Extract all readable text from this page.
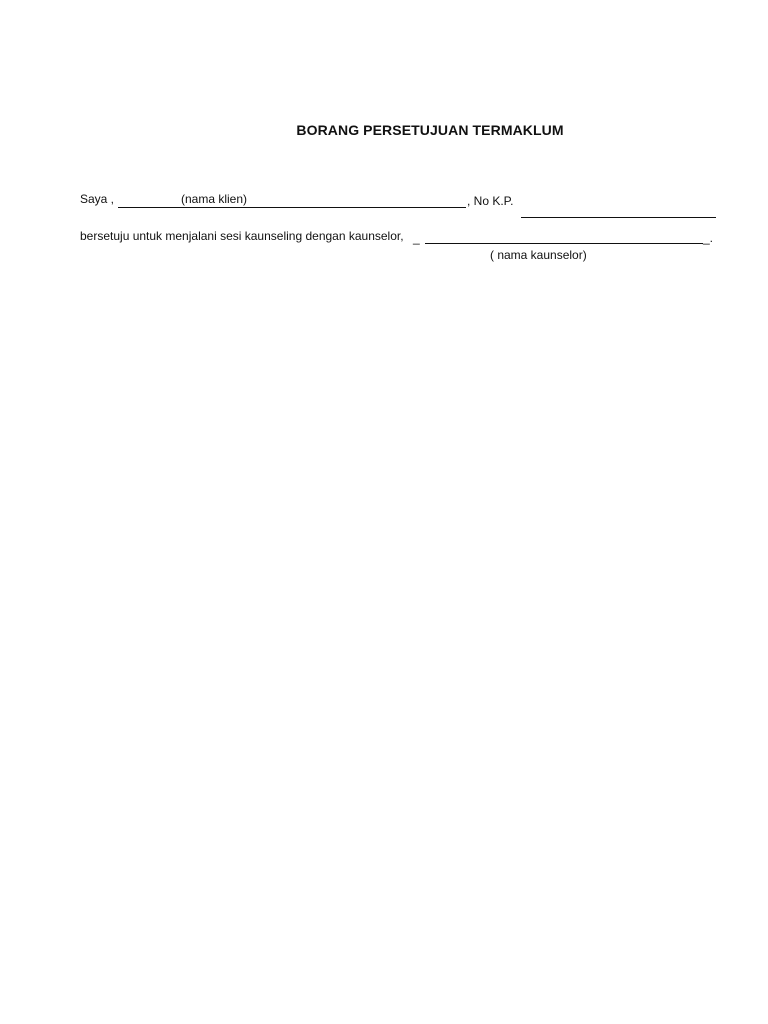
BORANG PERSETUJUAN TERMAKLUM
Saya ,	(nama klien)	, No K.P.
bersetuju untuk menjalani sesi kaunseling dengan kaunselor, _	_.
( nama kaunselor)
